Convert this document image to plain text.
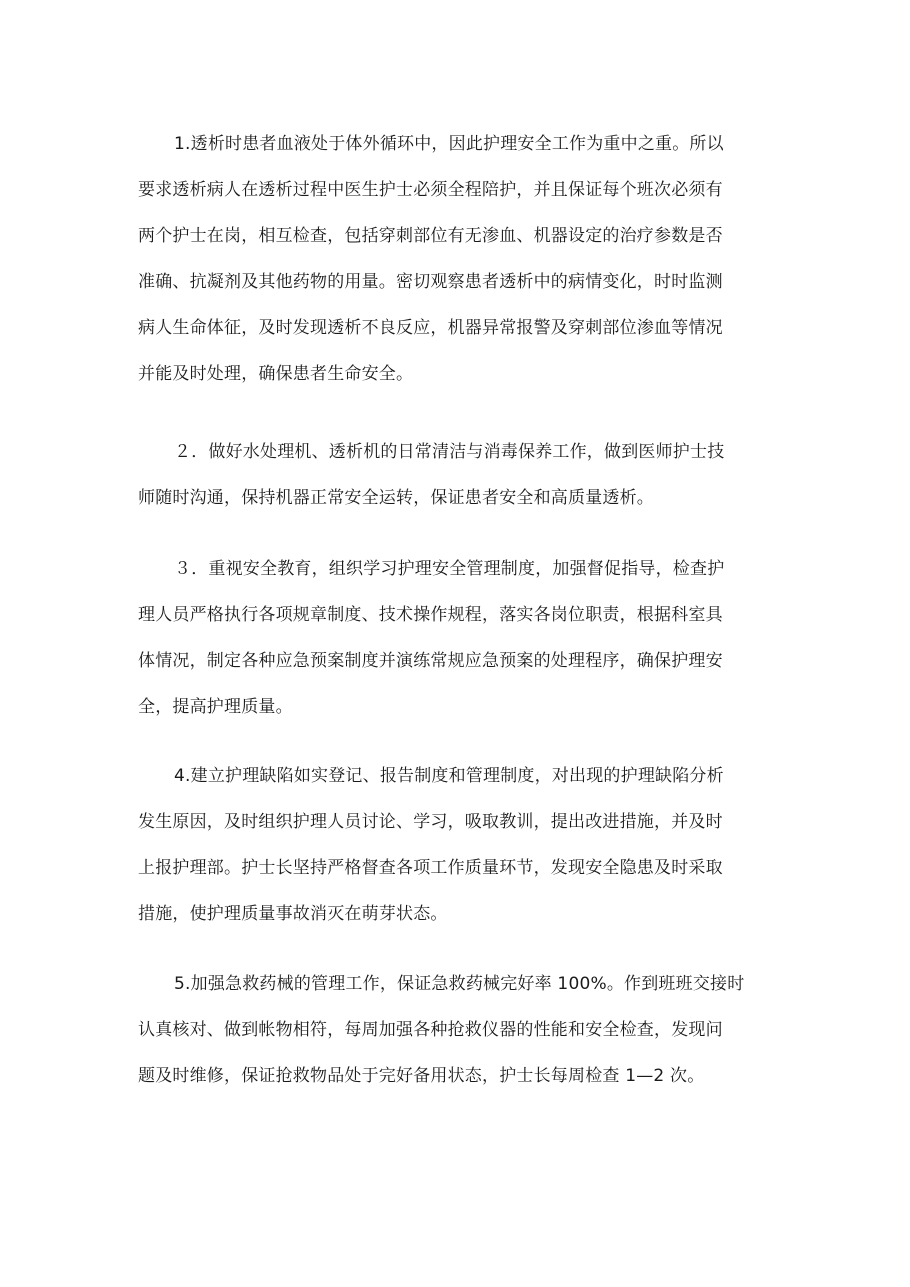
1.透析时患者血液处于体外循环中，因此护理安全工作为重中之重。所以
要求透析病人在透析过程中医生护士必须全程陪护，并且保证每个班次必须有
两个护士在岗，相互检查，包括穿刺部位有无渗血、机器设定的治疗参数是否
准确、抗凝剂及其他药物的用量。密切观察患者透析中的病情变化，时时监测
病人生命体征，及时发现透析不良反应，机器异常报警及穿刺部位渗血等情况
并能及时处理，确保患者生命安全。
２．做好水处理机、透析机的日常清洁与消毒保养工作，做到医师护士技
师随时沟通，保持机器正常安全运转，保证患者安全和高质量透析。
３．重视安全教育，组织学习护理安全管理制度，加强督促指导，检查护
理人员严格执行各项规章制度、技术操作规程，落实各岗位职责，根据科室具
体情况，制定各种应急预案制度并演练常规应急预案的处理程序，确保护理安
全，提高护理质量。
4.建立护理缺陷如实登记、报告制度和管理制度，对出现的护理缺陷分析
发生原因，及时组织护理人员讨论、学习，吸取教训，提出改进措施，并及时
上报护理部。护士长坚持严格督查各项工作质量环节，发现安全隐患及时采取
措施，使护理质量事故消灭在萌芽状态。
5.加强急救药械的管理工作，保证急救药械完好率 100%。作到班班交接时
认真核对、做到帐物相符，每周加强各种抢救仪器的性能和安全检查，发现问
题及时维修，保证抢救物品处于完好备用状态，护士长每周检查 1—2 次。
